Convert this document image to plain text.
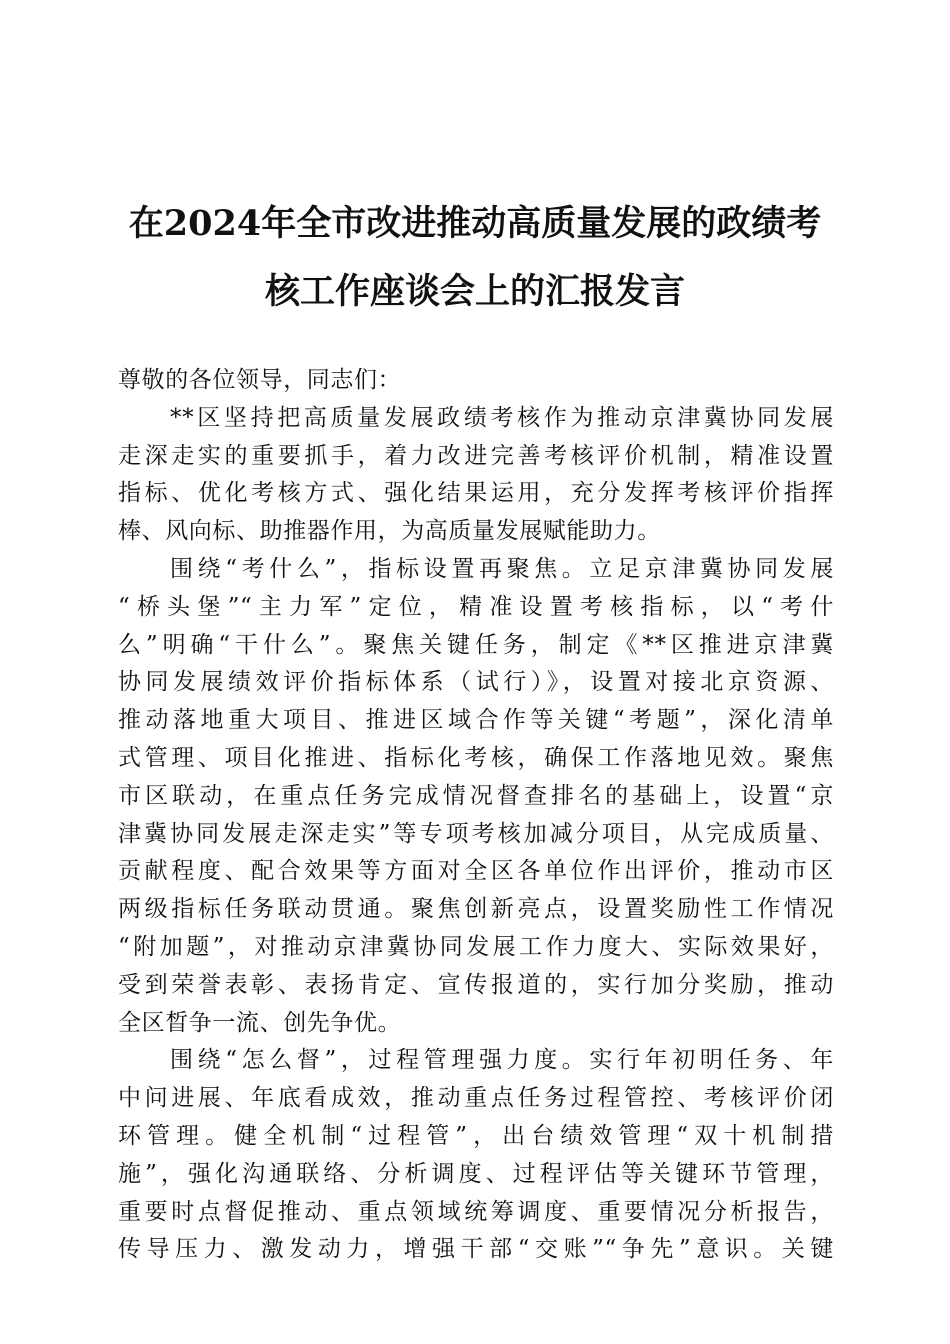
在2024年全市改进推动高质量发展的政绩考
核工作座谈会上的汇报发言
尊敬的各位领导，同志们：
**区坚持把高质量发展政绩考核作为推动京津冀协同发展
走深走实的重要抓手，着力改进完善考核评价机制，精准设置
指标、优化考核方式、强化结果运用，充分发挥考核评价指挥
棒、风向标、助推器作用，为高质量发展赋能助力。
围绕“考什么”，指标设置再聚焦。立足京津冀协同发展
“桥头堡”“主力军”定位，精准设置考核指标，以“考什
么”明确“干什么”。聚焦关键任务，制定《**区推进京津冀
协同发展绩效评价指标体系（试行）》，设置对接北京资源、
推动落地重大项目、推进区域合作等关键“考题”，深化清单
式管理、项目化推进、指标化考核，确保工作落地见效。聚焦
市区联动，在重点任务完成情况督查排名的基础上，设置“京
津冀协同发展走深走实”等专项考核加减分项目，从完成质量、
贡献程度、配合效果等方面对全区各单位作出评价，推动市区
两级指标任务联动贯通。聚焦创新亮点，设置奖励性工作情况
“附加题”，对推动京津冀协同发展工作力度大、实际效果好，
受到荣誉表彰、表扬肯定、宣传报道的，实行加分奖励，推动
全区晳争一流、创先争优。
围绕“怎么督”，过程管理强力度。实行年初明任务、年
中问进展、年底看成效，推动重点任务过程管控、考核评价闭
环管理。健全机制“过程管”，出台绩效管理“双十机制措
施”，强化沟通联络、分析调度、过程评估等关键环节管理，
重要时点督促推动、重点领域统筹调度、重要情况分析报告，
传导压力、激发动力，增强干部“交账”“争先”意识。关键
